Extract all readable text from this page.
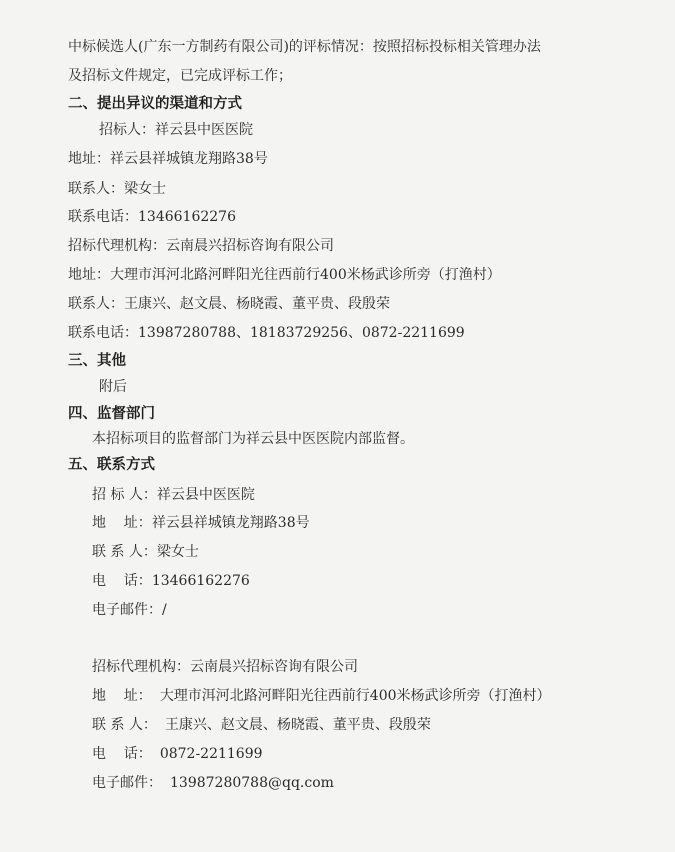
中标候选人(广东一方制药有限公司)的评标情况：按照招标投标相关管理办法
及招标文件规定，已完成评标工作；
二、提出异议的渠道和方式
招标人：祥云县中医医院
地址：祥云县祥城镇龙翔路38号
联系人：梁女士
联系电话：13466162276
招标代理机构：云南晨兴招标咨询有限公司
地址：大理市洱河北路河畔阳光往西前行400米杨武诊所旁（打渔村）
联系人：王康兴、赵文晨、杨晓霞、董平贵、段殷荣
联系电话：13987280788、18183729256、0872-2211699
三、其他
附后
四、监督部门
本招标项目的监督部门为祥云县中医医院内部监督。
五、联系方式
招 标 人：祥云县中医医院
地    址：祥云县祥城镇龙翔路38号
联 系 人：梁女士
电    话：13466162276
电子邮件：/
招标代理机构：云南晨兴招标咨询有限公司
地    址： 大理市洱河北路河畔阳光往西前行400米杨武诊所旁（打渔村）
联 系 人： 王康兴、赵文晨、杨晓霞、董平贵、段殷荣
电    话： 0872-2211699
电子邮件： 13987280788@qq.com
